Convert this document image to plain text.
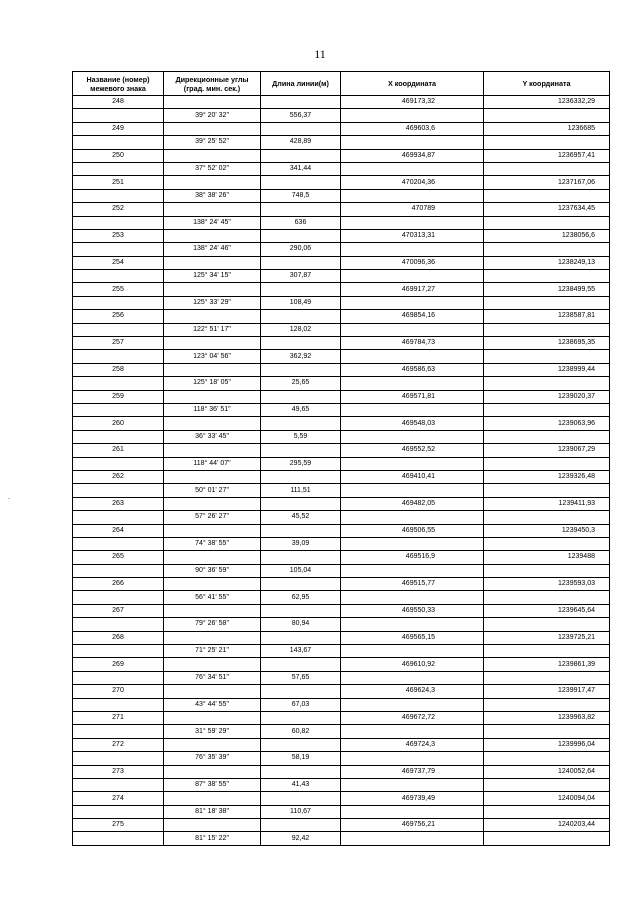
11
Название (номер) межевого знака	Дирекционные углы (град. мин. сек.)	Длина линии(м)	X координата	Y координата
248			469173,32	1236332,29
	39° 20' 32"	556,37		
249			469603,6	1236685
	39° 25' 52"	428,89		
250			469934,87	1236957,41
	37° 52' 02"	341,44		
251			470204,36	1237167,06
	38° 38' 26"	748,5		
252			470789	1237634,45
	138° 24' 45"	636		
253			470313,31	1238056,6
	138° 24' 46"	290,06		
254			470096,36	1238249,13
	125° 34' 15"	307,87		
255			469917,27	1238499,55
	125° 33' 29"	108,49		
256			469854,16	1238587,81
	122° 51' 17"	128,02		
257			469784,73	1238695,35
	123° 04' 56"	362,92		
258			469586,63	1238999,44
	125° 18' 05"	25,65		
259			469571,81	1239020,37
	118° 36' 51"	49,65		
260			469548,03	1239063,96
	36° 33' 45"	5,59		
261			469552,52	1239067,29
	118° 44' 07"	295,59		
262			469410,41	1239326,48
	50° 01' 27"	111,51		
263			469482,05	1239411,93
	57° 26' 27"	45,52		
264			469506,55	1239450,3
	74° 38' 55"	39,09		
265			469516,9	1239488
	90° 36' 59"	105,04		
266			469515,77	1239593,03
	56° 41' 55"	62,95		
267			469550,33	1239645,64
	79° 26' 58"	80,94		
268			469565,15	1239725,21
	71° 25' 21"	143,67		
269			469610,92	1239861,39
	76° 34' 51"	57,65		
270			469624,3	1239917,47
	43° 44' 55"	67,03		
271			469672,72	1239963,82
	31° 59' 29"	60,82		
272			469724,3	1239996,04
	76° 35' 39"	58,19		
273			469737,79	1240052,64
	87° 38' 55"	41,43		
274			469739,49	1240094,04
	81° 18' 38"	110,67		
275			469756,21	1240203,44
	81° 15' 22"	92,42		
